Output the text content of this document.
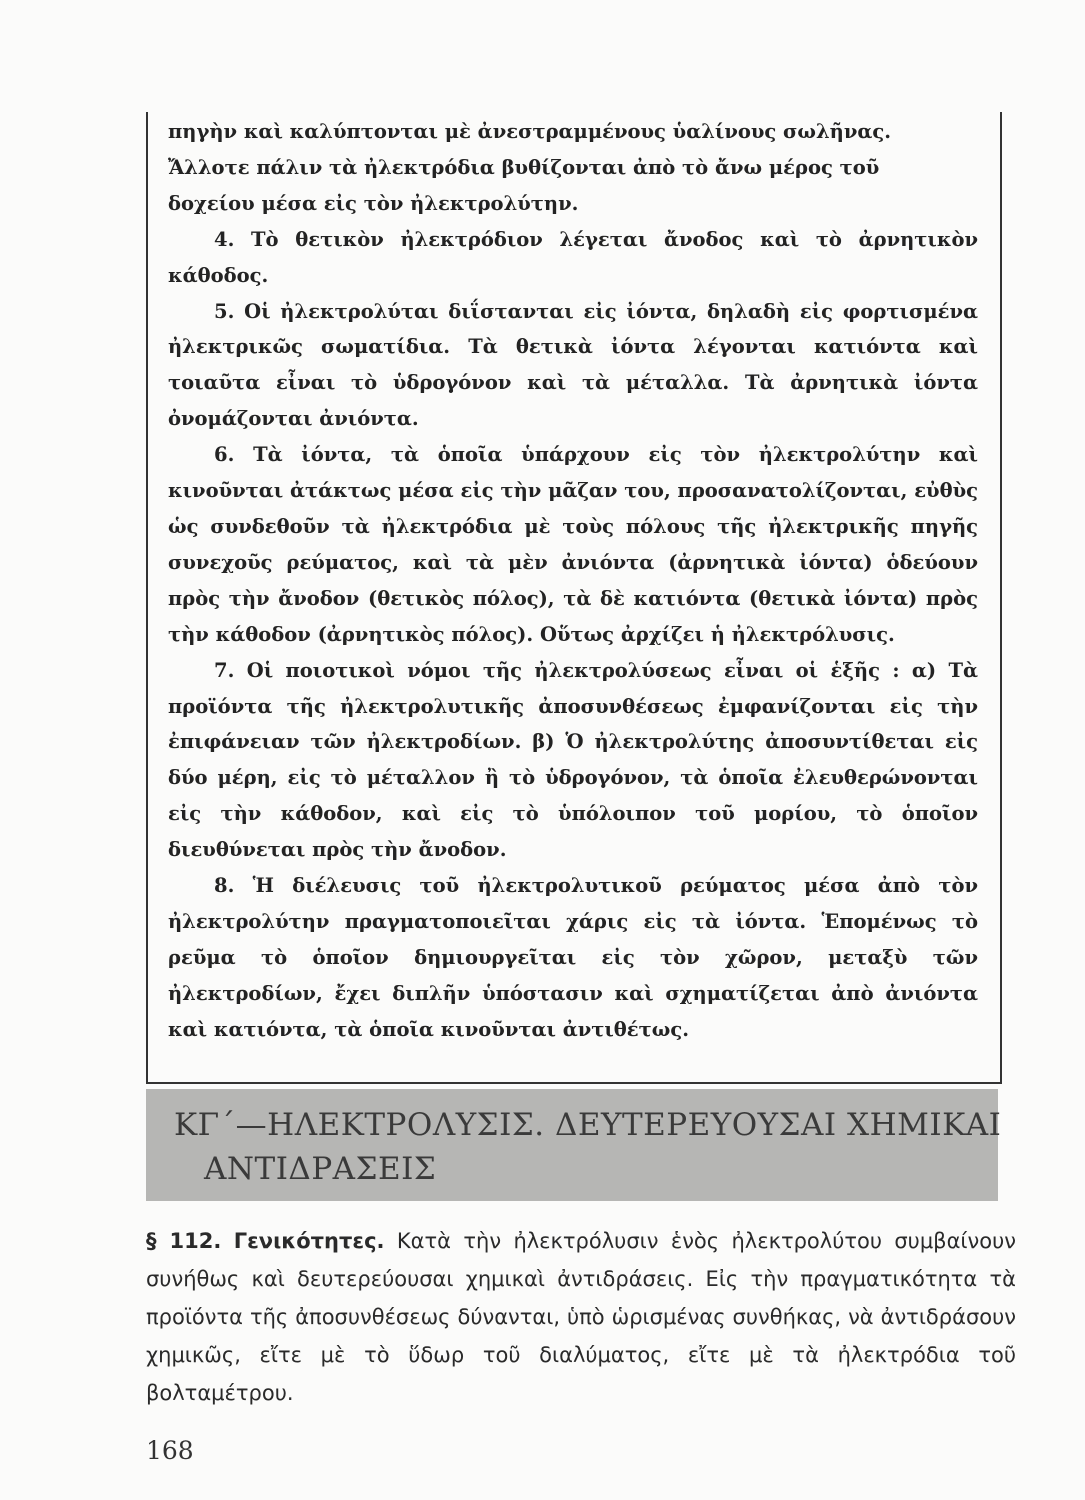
πηγὴν καὶ καλύπτονται μὲ ἀνεστραμμένους ὑαλίνους σωλῆνας.

Ἄλλοτε πάλιν τὰ ἠλεκτρόδια βυθίζονται ἀπὸ τὸ ἄνω μέρος τοῦ

δοχείου μέσα εἰς τὸν ἠλεκτρολύτην.

4. Τὸ θετικὸν ἠλεκτρόδιον λέγεται ἄνοδος καὶ τὸ ἀρνητικὸν κάθοδος.

5. Οἱ ἠλεκτρολύται διΐστανται εἰς ἰόντα, δηλαδὴ εἰς φορτισμένα ἠλεκτρικῶς σωματίδια. Τὰ θετικὰ ἰόντα λέγονται κατιόντα καὶ τοιαῦτα εἶναι τὸ ὑδρογόνον καὶ τὰ μέταλλα. Τὰ ἀρνητικὰ ἰόντα ὀνομάζονται ἀνιόντα.

6. Τὰ ἰόντα, τὰ ὁποῖα ὑπάρχουν εἰς τὸν ἠλεκτρολύτην καὶ κινοῦνται ἀτάκτως μέσα εἰς τὴν μᾶζαν του, προσανατολίζονται, εὐθὺς ὡς συνδεθοῦν τὰ ἠλεκτρόδια μὲ τοὺς πόλους τῆς ἠλεκτρικῆς πηγῆς συνεχοῦς ρεύματος, καὶ τὰ μὲν ἀνιόντα (ἀρνητικὰ ἰόντα) ὁδεύουν πρὸς τὴν ἄνοδον (θετικὸς πόλος), τὰ δὲ κατιόντα (θετικὰ ἰόντα) πρὸς τὴν κάθοδον (ἀρνητικὸς πόλος). Οὕτως ἀρχίζει ἡ ἠλεκτρόλυσις.

7. Οἱ ποιοτικοὶ νόμοι τῆς ἠλεκτρολύσεως εἶναι οἱ ἑξῆς : α) Τὰ προϊόντα τῆς ἠλεκτρολυτικῆς ἀποσυνθέσεως ἐμφανίζονται εἰς τὴν ἐπιφάνειαν τῶν ἠλεκτροδίων. β) Ὁ ἠλεκτρολύτης ἀποσυντίθεται εἰς δύο μέρη, εἰς τὸ μέταλλον ἢ τὸ ὑδρογόνον, τὰ ὁποῖα ἐλευθερώνονται εἰς τὴν κάθοδον, καὶ εἰς τὸ ὑπόλοιπον τοῦ μορίου, τὸ ὁποῖον διευθύνεται πρὸς τὴν ἄνοδον.

8. Ἡ διέλευσις τοῦ ἠλεκτρολυτικοῦ ρεύματος μέσα ἀπὸ τὸν ἠλεκτρολύτην πραγματοποιεῖται χάρις εἰς τὰ ἰόντα. Ἑπομένως τὸ ρεῦμα τὸ ὁποῖον δημιουργεῖται εἰς τὸν χῶρον, μεταξὺ τῶν ἠλεκτροδίων, ἔχει διπλῆν ὑπόστασιν καὶ σχηματίζεται ἀπὸ ἀνιόντα καὶ κατιόντα, τὰ ὁποῖα κινοῦνται ἀντιθέτως.

ΚΓ΄—ΗΛΕΚΤΡΟΛΥΣΙΣ. ΔΕΥΤΕΡΕΥΟΥΣΑΙ ΧΗΜΙΚΑΙ
ΑΝΤΙΔΡΑΣΕΙΣ
§ 112. Γενικότητες. Κατὰ τὴν ἠλεκτρόλυσιν ἑνὸς ἠλεκτρολύτου συμβαίνουν συνήθως καὶ δευτερεύουσαι χημικαὶ ἀντιδράσεις. Εἰς τὴν πραγματικότητα τὰ προϊόντα τῆς ἀποσυνθέσεως δύνανται, ὑπὸ ὡρισμένας συνθήκας, νὰ ἀντιδράσουν χημικῶς, εἴτε μὲ τὸ ὕδωρ τοῦ διαλύματος, εἴτε μὲ τὰ ἠλεκτρόδια τοῦ βολταμέτρου.
168
